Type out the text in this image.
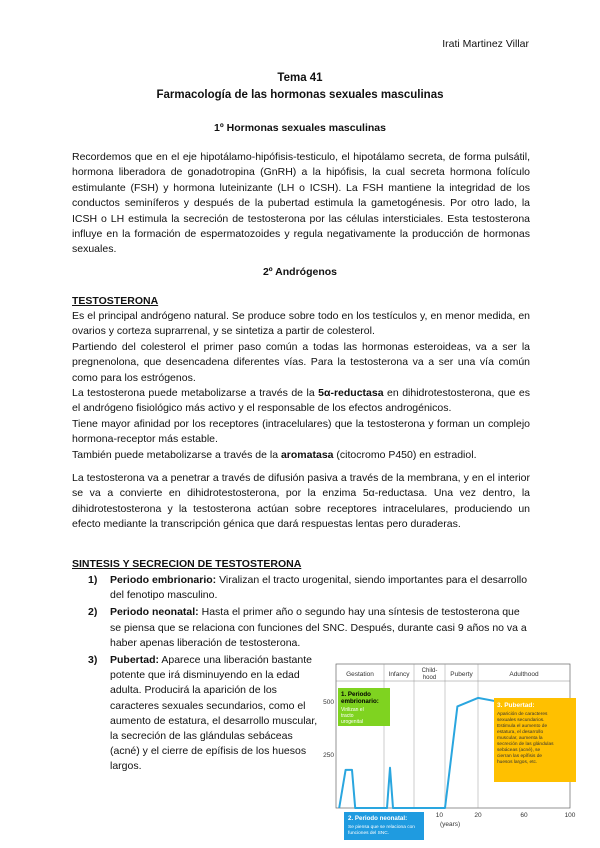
Irati Martinez Villar
Tema 41
Farmacología de las hormonas sexuales masculinas
1º Hormonas sexuales masculinas
Recordemos que en el eje hipotálamo-hipófisis-testiculo, el hipotálamo secreta, de forma pulsátil, hormona liberadora de gonadotropina (GnRH) a la hipófisis, la cual secreta hormona folículo estimulante (FSH) y hormona luteinizante (LH o ICSH). La FSH mantiene la integridad de los conductos seminíferos y después de la pubertad estimula la gametogénesis. Por otro lado, la ICSH o LH estimula la secreción de testosterona por las células intersticiales. Esta testosterona influye en la formación de espermatozoides y regula negativamente la producción de hormonas sexuales.
2º Andrógenos
TESTOSTERONA
Es el principal andrógeno natural. Se produce sobre todo en los testículos y, en menor medida, en ovarios y corteza suprarrenal, y se sintetiza a partir de colesterol.
Partiendo del colesterol el primer paso común a todas las hormonas esteroideas, va a ser la pregnenolona, que desencadena diferentes vías. Para la testosterona va a ser una vía común como para los estrógenos.
La testosterona puede metabolizarse a través de la 5α-reductasa en dihidrotestosterona, que es el andrógeno fisiológico más activo y el responsable de los efectos androgénicos.
Tiene mayor afinidad por los receptores (intracelulares) que la testosterona y forman un complejo hormona-receptor más estable.
También puede metabolizarse a través de la aromatasa (citocromo P450) en estradiol.
La testosterona va a penetrar a través de difusión pasiva a través de la membrana, y en el interior se va a convierte en dihidrotestosterona, por la enzima 5α-reductasa. Una vez dentro, la dihidrotestosterona y la testosterona actúan sobre receptores intracelulares, produciendo un efecto mediante la transcripción génica que dará respuestas lentas pero duraderas.
SINTESIS Y SECRECION DE TESTOSTERONA
1) Periodo embrionario: Viralizan el tracto urogenital, siendo importantes para el desarrollo del fenotipo masculino.
2) Periodo neonatal: Hasta el primer año o segundo hay una síntesis de testosterona que se piensa que se relaciona con funciones del SNC. Después, durante casi 9 años no va a haber apenas liberación de testosterona.
3) Pubertad: Aparece una liberación bastante potente que irá disminuyendo en la edad adulta. Producirá la aparición de los caracteres sexuales secundarios, como el aumento de estatura, el desarrollo muscular, la secreción de las glándulas sebáceas (acné) y el cierre de epífisis de los huesos largos.
Gestation Infancy Child-
hood Puberty	Adulthood
500
250
10	20	60	100
(years)
1. Periodo
embrionario:
Virilizan el
tracto
urogenital
3. Pubertad:
Aparición de caracteres
sexuales secundarios.
Estimula el aumento de
estatura, el desarrollo
muscular, aumenta la
secreción de las glándulas
sebáceas (acné), se
cierran las epífisis de
huesos largos, etc.
2. Periodo neonatal:
Se piensa que se relaciona con
funciones del SNC.
